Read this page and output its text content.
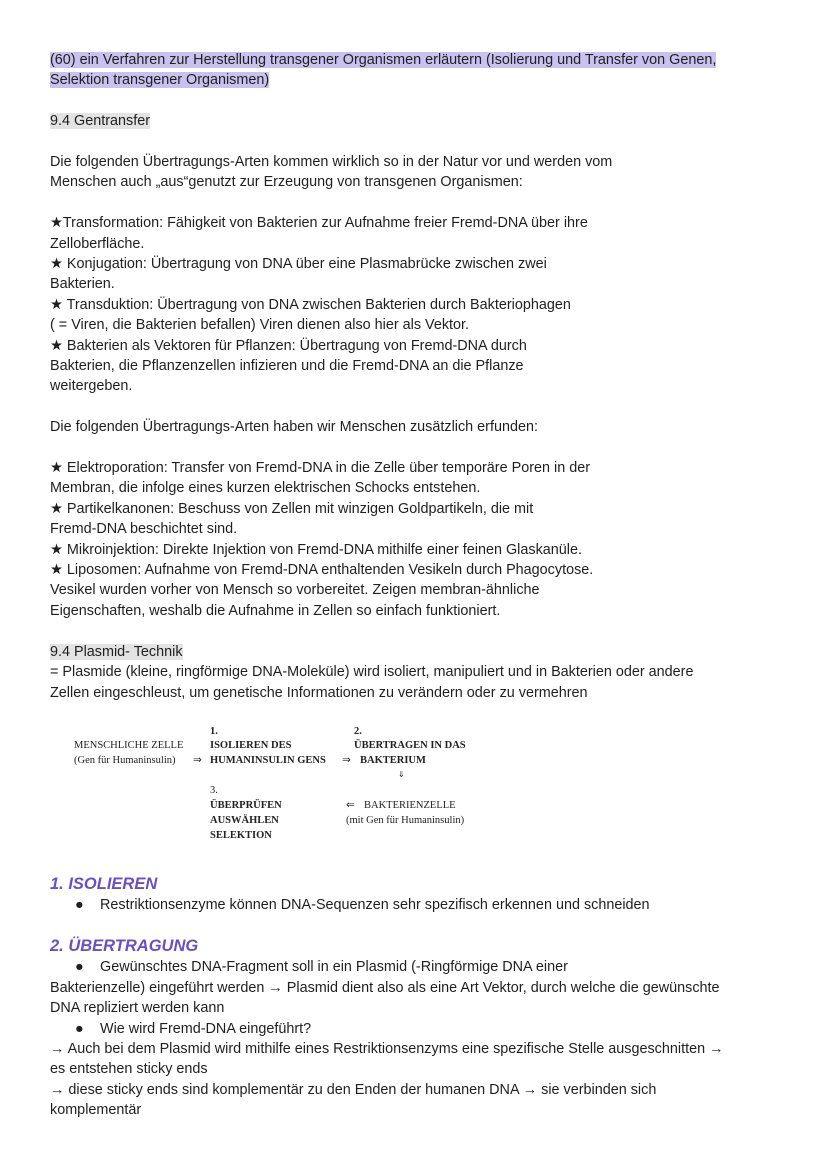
(60) ein Verfahren zur Herstellung transgener Organismen erläutern (Isolierung und Transfer von Genen,
Selektion transgener Organismen)
9.4 Gentransfer
Die folgenden Übertragungs-Arten kommen wirklich so in der Natur vor und werden vom
Menschen auch „aus“genutzt zur Erzeugung von transgenen Organismen:
★Transformation: Fähigkeit von Bakterien zur Aufnahme freier Fremd-DNA über ihre
Zelloberfläche.
★ Konjugation: Übertragung von DNA über eine Plasmabrücke zwischen zwei
Bakterien.
★ Transduktion: Übertragung von DNA zwischen Bakterien durch Bakteriophagen
( = Viren, die Bakterien befallen) Viren dienen also hier als Vektor.
★ Bakterien als Vektoren für Pflanzen: Übertragung von Fremd-DNA durch
Bakterien, die Pflanzenzellen infizieren und die Fremd-DNA an die Pflanze
weitergeben.
Die folgenden Übertragungs-Arten haben wir Menschen zusätzlich erfunden:
★ Elektroporation: Transfer von Fremd-DNA in die Zelle über temporäre Poren in der
Membran, die infolge eines kurzen elektrischen Schocks entstehen.
★ Partikelkanonen: Beschuss von Zellen mit winzigen Goldpartikeln, die mit
Fremd-DNA beschichtet sind.
★ Mikroinjektion: Direkte Injektion von Fremd-DNA mithilfe einer feinen Glaskanüle.
★ Liposomen: Aufnahme von Fremd-DNA enthaltenden Vesikeln durch Phagocytose.
Vesikel wurden vorher von Mensch so vorbereitet. Zeigen membran-ähnliche
Eigenschaften, weshalb die Aufnahme in Zellen so einfach funktioniert.
9.4 Plasmid- Technik
= Plasmide (kleine, ringförmige DNA-Moleküle) wird isoliert, manipuliert und in Bakterien oder andere
Zellen eingeschleust, um genetische Informationen zu verändern oder zu vermehren
1. ISOLIEREN
● Restriktionsenzyme können DNA-Sequenzen sehr spezifisch erkennen und schneiden
2. ÜBERTRAGUNG
● Gewünschtes DNA-Fragment soll in ein Plasmid (-Ringförmige DNA einer
Bakterienzelle) eingeführt werden → Plasmid dient also als eine Art Vektor, durch welche die gewünschte
DNA repliziert werden kann
● Wie wird Fremd-DNA eingeführt?
→ Auch bei dem Plasmid wird mithilfe eines Restriktionsenzyms eine spezifische Stelle ausgeschnitten →
es entstehen sticky ends
→ diese sticky ends sind komplementär zu den Enden der humanen DNA → sie verbinden sich
komplementär
1.	2.
MENSCHLICHE ZELLE	ISOLIEREN DES	ÜBERTRAGEN IN DAS
(Gen für Humaninsulin) ⇒ HUMANINSULIN GENS ⇒ BAKTERIUM
⇓
3.
ÜBERPRÜFEN	⇐ BAKTERIENZELLE
AUSWÄHLEN	(mit Gen für Humaninsulin)
SELEKTION
